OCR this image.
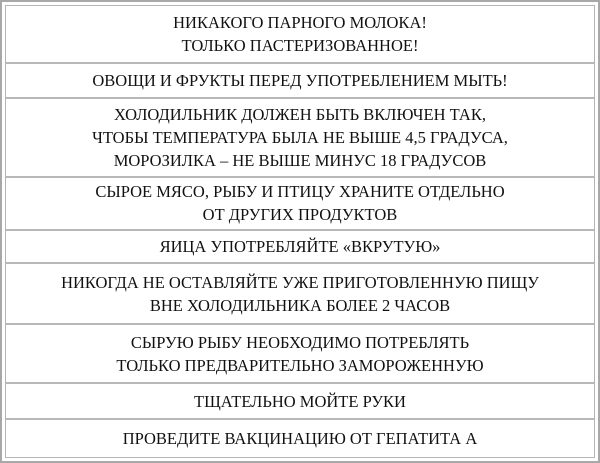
НИКАКОГО ПАРНОГО МОЛОКА!
ТОЛЬКО ПАСТЕРИЗОВАННОЕ!
ОВОЩИ И ФРУКТЫ ПЕРЕД УПОТРЕБЛЕНИЕМ МЫТЬ!
ХОЛОДИЛЬНИК ДОЛЖЕН БЫТЬ ВКЛЮЧЕН ТАК,
ЧТОБЫ ТЕМПЕРАТУРА БЫЛА НЕ ВЫШЕ 4,5 ГРАДУСА,
МОРОЗИЛКА – НЕ ВЫШЕ МИНУС 18 ГРАДУСОВ
СЫРОЕ МЯСО, РЫБУ И ПТИЦУ ХРАНИТЕ ОТДЕЛЬНО
ОТ ДРУГИХ ПРОДУКТОВ
ЯИЦА УПОТРЕБЛЯЙТЕ «ВКРУТУЮ»
НИКОГДА НЕ ОСТАВЛЯЙТЕ УЖЕ ПРИГОТОВЛЕННУЮ ПИЩУ
ВНЕ ХОЛОДИЛЬНИКА БОЛЕЕ 2 ЧАСОВ
СЫРУЮ РЫБУ НЕОБХОДИМО ПОТРЕБЛЯТЬ
ТОЛЬКО ПРЕДВАРИТЕЛЬНО ЗАМОРОЖЕННУЮ
ТЩАТЕЛЬНО МОЙТЕ РУКИ
ПРОВЕДИТЕ ВАКЦИНАЦИЮ ОТ ГЕПАТИТА А
